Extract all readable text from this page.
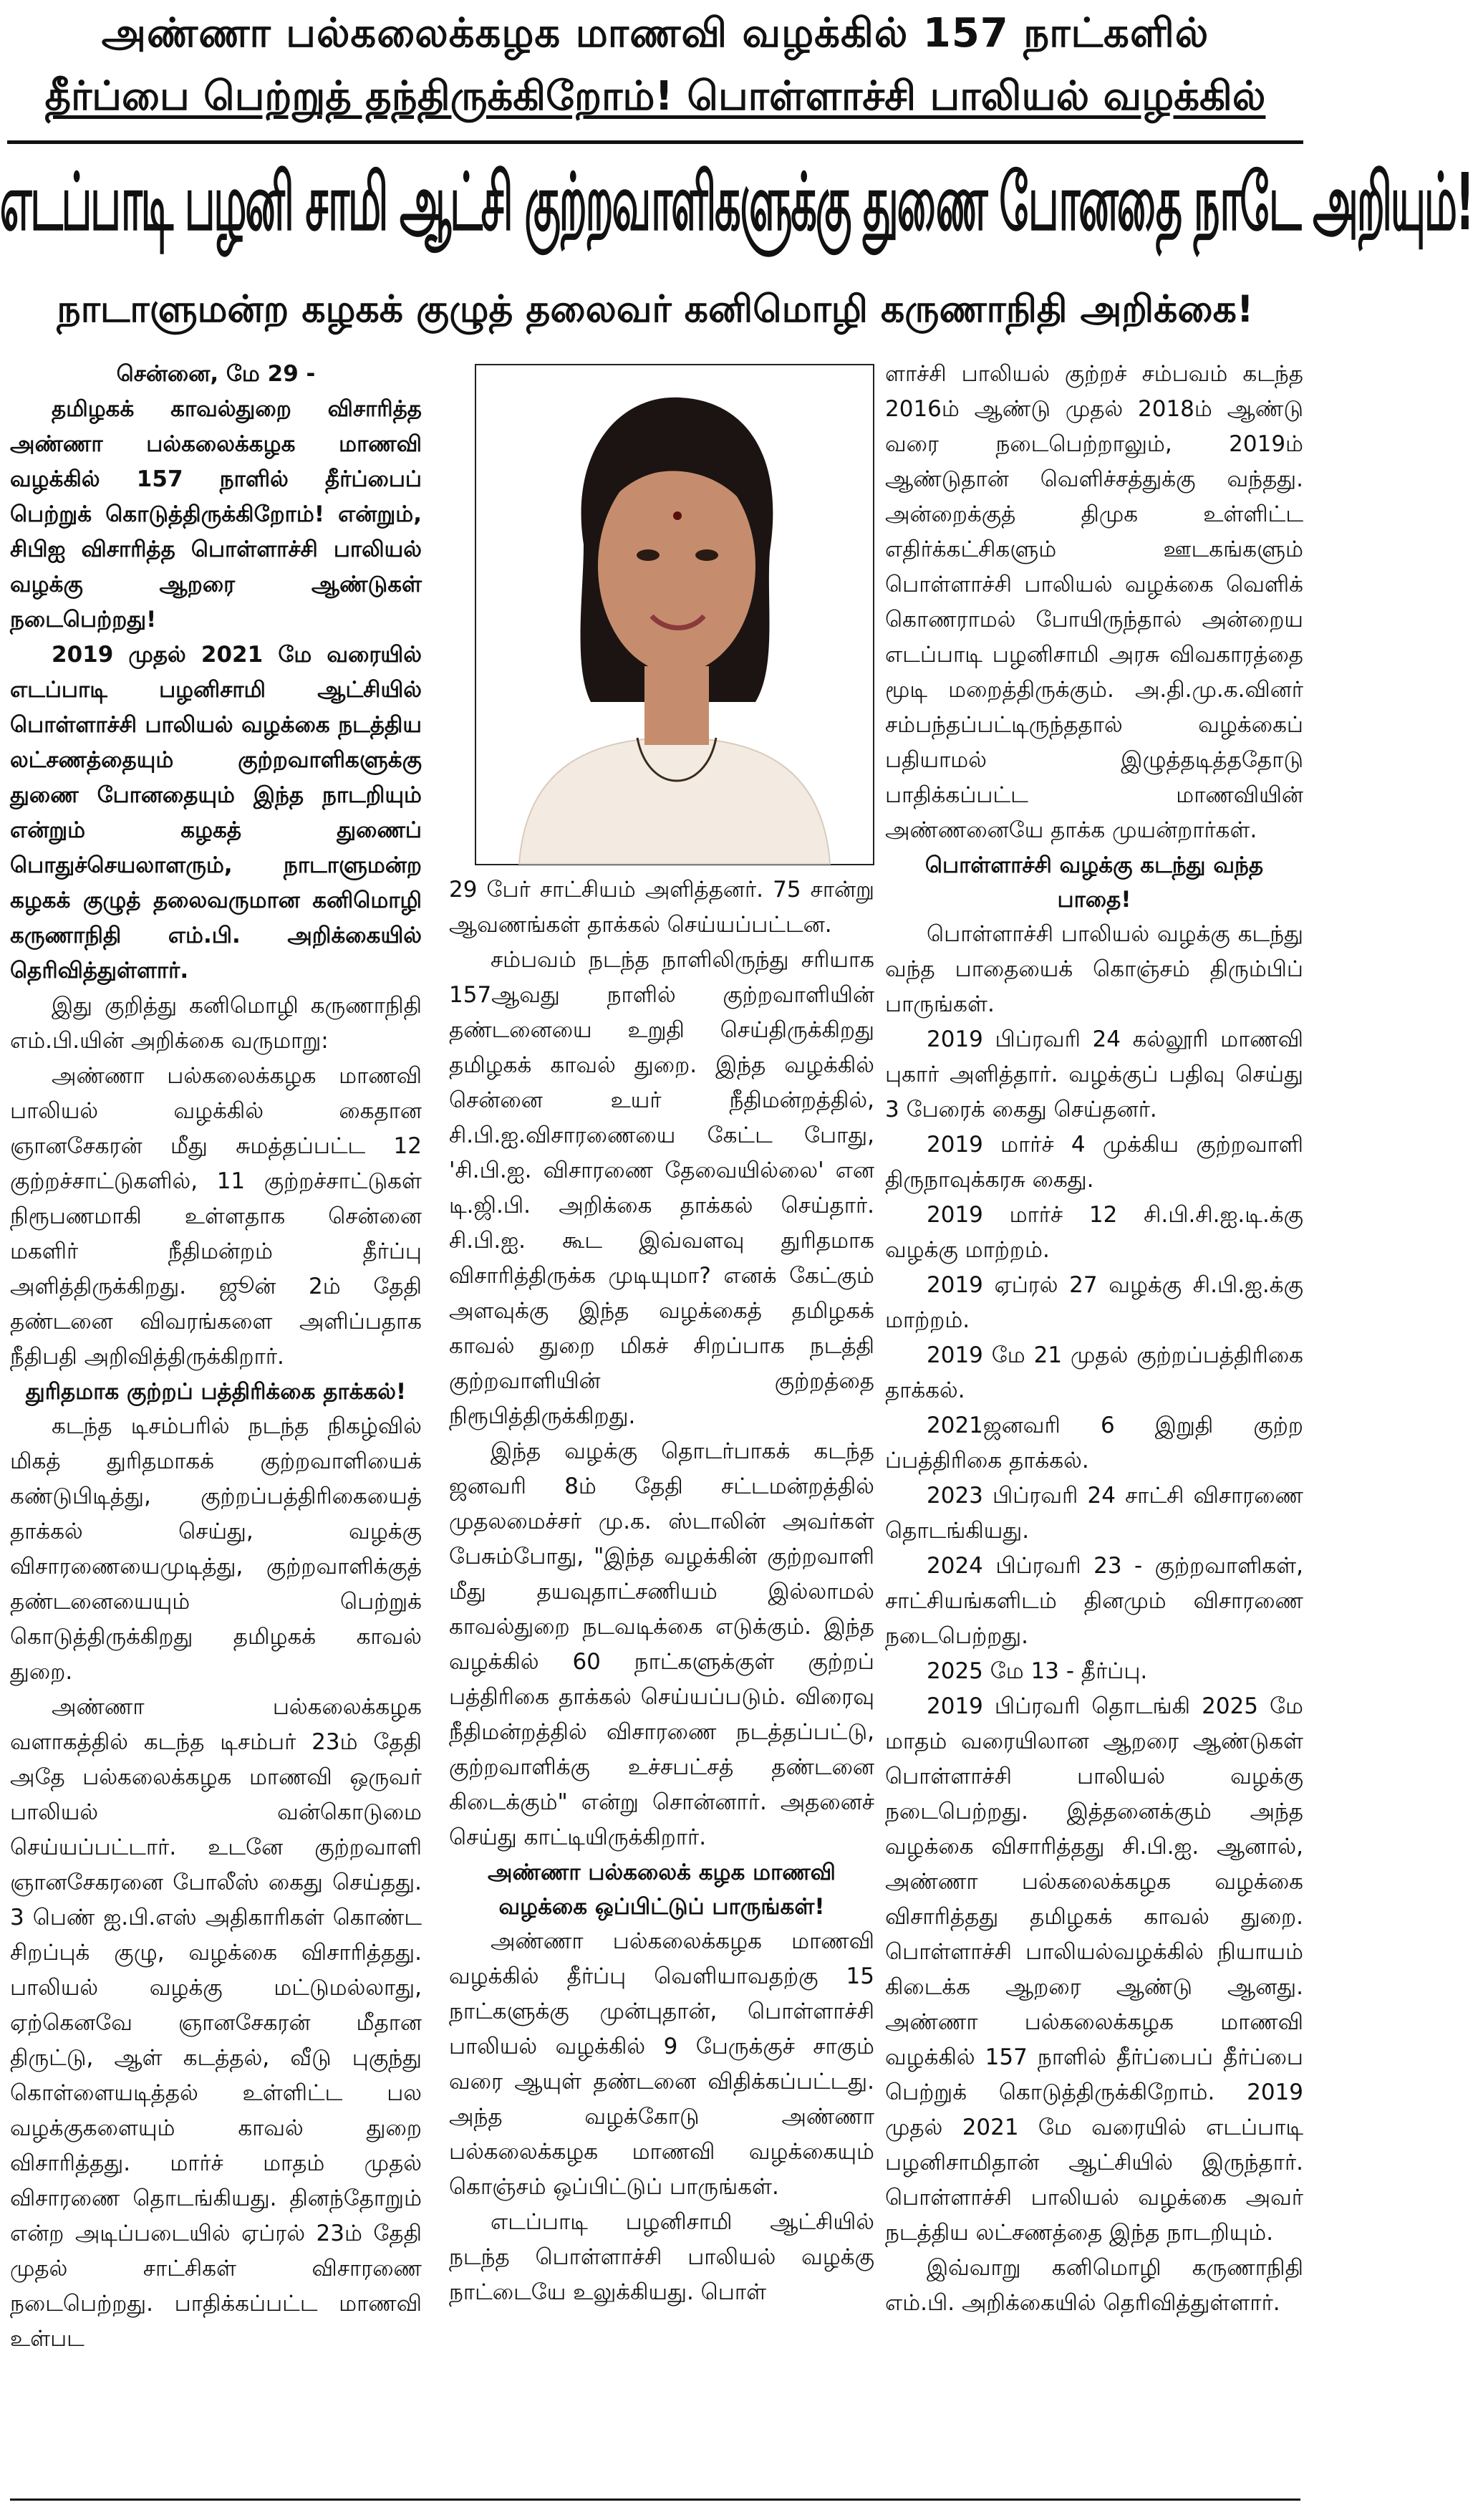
அண்ணா பல்கலைக்கழக மாணவி வழக்கில் 157 நாட்களில்
தீர்ப்பை பெற்றுத் தந்திருக்கிறோம்! பொள்ளாச்சி பாலியல் வழக்கில்
எடப்பாடி பழனி சாமி ஆட்சி குற்றவாளிகளுக்கு துணை போனதை நாடே அறியும்!
நாடாளுமன்ற கழகக் குழுத் தலைவர் கனிமொழி கருணாநிதி அறிக்கை!

சென்னை, மே 29 -

தமிழகக் காவல்துறை விசாரித்த அண்ணா பல்கலைக்கழக மாணவி வழக்கில் 157 நாளில் தீர்ப்பைப் பெற்றுக் கொடுத்திருக்கிறோம்! என்றும், சிபிஐ விசாரித்த பொள்ளாச்சி பாலியல் வழக்கு ஆறரை ஆண்டுகள் நடைபெற்றது!

2019 முதல் 2021 மே வரையில் எடப்பாடி பழனிசாமி ஆட்சியில் பொள்ளாச்சி பாலியல் வழக்கை நடத்திய லட்சணத்தையும் குற்றவாளிகளுக்கு துணை போனதையும் இந்த நாடறியும் என்றும் கழகத் துணைப் பொதுச்செயலாளரும், நாடாளுமன்ற கழகக் குழுத் தலைவருமான கனிமொழி கருணாநிதி எம்.பி. அறிக்கையில் தெரிவித்துள்ளார்.

இது குறித்து கனிமொழி கருணாநிதி எம்.பி.யின் அறிக்கை வருமாறு:

அண்ணா பல்கலைக்கழக மாணவி பாலியல் வழக்கில் கைதான ஞானசேகரன் மீது சுமத்தப்பட்ட 12 குற்றச்சாட்டுகளில், 11 குற்றச்சாட்டுகள் நிரூபணமாகி உள்ளதாக சென்னை மகளிர் நீதிமன்றம் தீர்ப்பு அளித்திருக்கிறது. ஜூன் 2ம் தேதி தண்டனை விவரங்களை அளிப்பதாக நீதிபதி அறிவித்திருக்கிறார்.

துரிதமாக குற்றப் பத்திரிக்கை தாக்கல்!

கடந்த டிசம்பரில் நடந்த நிகழ்வில் மிகத் துரிதமாகக் குற்றவாளியைக் கண்டுபிடித்து, குற்றப்பத்திரிகையைத் தாக்கல் செய்து, வழக்கு விசாரணையைமுடித்து, குற்றவாளிக்குத் தண்டனையையும் பெற்றுக் கொடுத்திருக்கிறது தமிழகக் காவல் துறை.

அண்ணா பல்கலைக்கழக வளாகத்தில் கடந்த டிசம்பர் 23ம் தேதி அதே பல்கலைக்கழக மாணவி ஒருவர் பாலியல் வன்கொடுமை செய்யப்பட்டார். உடனே குற்றவாளி ஞானசேகரனை போலீஸ் கைது செய்தது. 3 பெண் ஐ.பி.எஸ் அதிகாரிகள் கொண்ட சிறப்புக் குழு, வழக்கை விசாரித்தது. பாலியல் வழக்கு மட்டுமல்லாது, ஏற்கெனவே ஞானசேகரன் மீதான திருட்டு, ஆள் கடத்தல், வீடு புகுந்து கொள்ளையடித்தல் உள்ளிட்ட பல வழக்குகளையும் காவல் துறை விசாரித்தது. மார்ச் மாதம் முதல் விசாரணை தொடங்கியது. தினந்தோறும் என்ற அடிப்படையில் ஏப்ரல் 23ம் தேதி முதல் சாட்சிகள் விசாரணை நடைபெற்றது. பாதிக்கப்பட்ட மாணவி உள்பட

29 பேர் சாட்சியம் அளித்தனர். 75 சான்று ஆவணங்கள் தாக்கல் செய்யப்பட்டன.

சம்பவம் நடந்த நாளிலிருந்து சரியாக 157ஆவது நாளில் குற்றவாளியின் தண்டனையை உறுதி செய்திருக்கிறது தமிழகக் காவல் துறை. இந்த வழக்கில் சென்னை உயர் நீதிமன்றத்தில், சி.பி.ஐ.விசாரணையை கேட்ட போது, 'சி.பி.ஐ. விசாரணை தேவையில்லை' என டி.ஜி.பி. அறிக்கை தாக்கல் செய்தார். சி.பி.ஐ. கூட இவ்வளவு துரிதமாக விசாரித்திருக்க முடியுமா? எனக் கேட்கும் அளவுக்கு இந்த வழக்கைத் தமிழகக் காவல் துறை மிகச் சிறப்பாக நடத்தி குற்றவாளியின் குற்றத்தை நிரூபித்திருக்கிறது.

இந்த வழக்கு தொடர்பாகக் கடந்த ஜனவரி 8ம் தேதி சட்டமன்றத்தில் முதலமைச்சர் மு.க. ஸ்டாலின் அவர்கள் பேசும்போது, "இந்த வழக்கின் குற்றவாளி மீது தயவுதாட்சணியம் இல்லாமல் காவல்துறை நடவடிக்கை எடுக்கும். இந்த வழக்கில் 60 நாட்களுக்குள் குற்றப் பத்திரிகை தாக்கல் செய்யப்படும். விரைவு நீதிமன்றத்தில் விசாரணை நடத்தப்பட்டு, குற்றவாளிக்கு உச்சபட்சத் தண்டனை கிடைக்கும்" என்று சொன்னார். அதனைச் செய்து காட்டியிருக்கிறார்.

அண்ணா பல்கலைக் கழக மாணவி வழக்கை ஒப்பிட்டுப் பாருங்கள்!

அண்ணா பல்கலைக்கழக மாணவி வழக்கில் தீர்ப்பு வெளியாவதற்கு 15 நாட்களுக்கு முன்புதான், பொள்ளாச்சி பாலியல் வழக்கில் 9 பேருக்குச் சாகும் வரை ஆயுள் தண்டனை விதிக்கப்பட்டது. அந்த வழக்கோடு அண்ணா பல்கலைக்கழக மாணவி வழக்கையும் கொஞ்சம் ஒப்பிட்டுப் பாருங்கள்.

எடப்பாடி பழனிசாமி ஆட்சியில் நடந்த பொள்ளாச்சி பாலியல் வழக்கு நாட்டையே உலுக்கியது. பொள்

ளாச்சி பாலியல் குற்றச் சம்பவம் கடந்த 2016ம் ஆண்டு முதல் 2018ம் ஆண்டு வரை நடைபெற்றாலும், 2019ம் ஆண்டுதான் வெளிச்சத்துக்கு வந்தது. அன்றைக்குத் திமுக உள்ளிட்ட எதிர்க்கட்சிகளும் ஊடகங்களும் பொள்ளாச்சி பாலியல் வழக்கை வெளிக் கொணராமல் போயிருந்தால் அன்றைய எடப்பாடி பழனிசாமி அரசு விவகாரத்தை மூடி மறைத்திருக்கும். அ.தி.மு.க.வினர் சம்பந்தப்பட்டிருந்ததால் வழக்கைப் பதியாமல் இழுத்தடித்ததோடு பாதிக்கப்பட்ட மாணவியின் அண்ணனையே தாக்க முயன்றார்கள்.

பொள்ளாச்சி வழக்கு கடந்து வந்த பாதை!

பொள்ளாச்சி பாலியல் வழக்கு கடந்து வந்த பாதையைக் கொஞ்சம் திரும்பிப் பாருங்கள்.

2019 பிப்ரவரி 24 கல்லூரி மாணவி புகார் அளித்தார். வழக்குப் பதிவு செய்து 3 பேரைக் கைது செய்தனர்.

2019 மார்ச் 4 முக்கிய குற்றவாளி திருநாவுக்கரசு கைது.

2019 மார்ச் 12 சி.பி.சி.ஐ.டி.க்கு வழக்கு மாற்றம்.

2019 ஏப்ரல் 27 வழக்கு சி.பி.ஐ.க்கு மாற்றம்.

2019 மே 21 முதல் குற்றப்பத்திரிகை தாக்கல்.

2021ஜனவரி 6 இறுதி குற்ற ப்பத்திரிகை தாக்கல்.

2023 பிப்ரவரி 24 சாட்சி விசாரணை தொடங்கியது.

2024 பிப்ரவரி 23 - குற்றவாளிகள், சாட்சியங்களிடம் தினமும் விசாரணை நடைபெற்றது.

2025 மே 13 - தீர்ப்பு.

2019 பிப்ரவரி தொடங்கி 2025 மே மாதம் வரையிலான ஆறரை ஆண்டுகள் பொள்ளாச்சி பாலியல் வழக்கு நடைபெற்றது. இத்தனைக்கும் அந்த வழக்கை விசாரித்தது சி.பி.ஐ. ஆனால், அண்ணா பல்கலைக்கழக வழக்கை விசாரித்தது தமிழகக் காவல் துறை. பொள்ளாச்சி பாலியல்வழக்கில் நியாயம் கிடைக்க ஆறரை ஆண்டு ஆனது. அண்ணா பல்கலைக்கழக மாணவி வழக்கில் 157 நாளில் தீர்ப்பைப் தீர்ப்பை பெற்றுக் கொடுத்திருக்கிறோம். 2019 முதல் 2021 மே வரையில் எடப்பாடி பழனிசாமிதான் ஆட்சியில் இருந்தார். பொள்ளாச்சி பாலியல் வழக்கை அவர் நடத்திய லட்சணத்தை இந்த நாடறியும்.

இவ்வாறு கனிமொழி கருணாநிதி எம்.பி. அறிக்கையில் தெரிவித்துள்ளார்.
